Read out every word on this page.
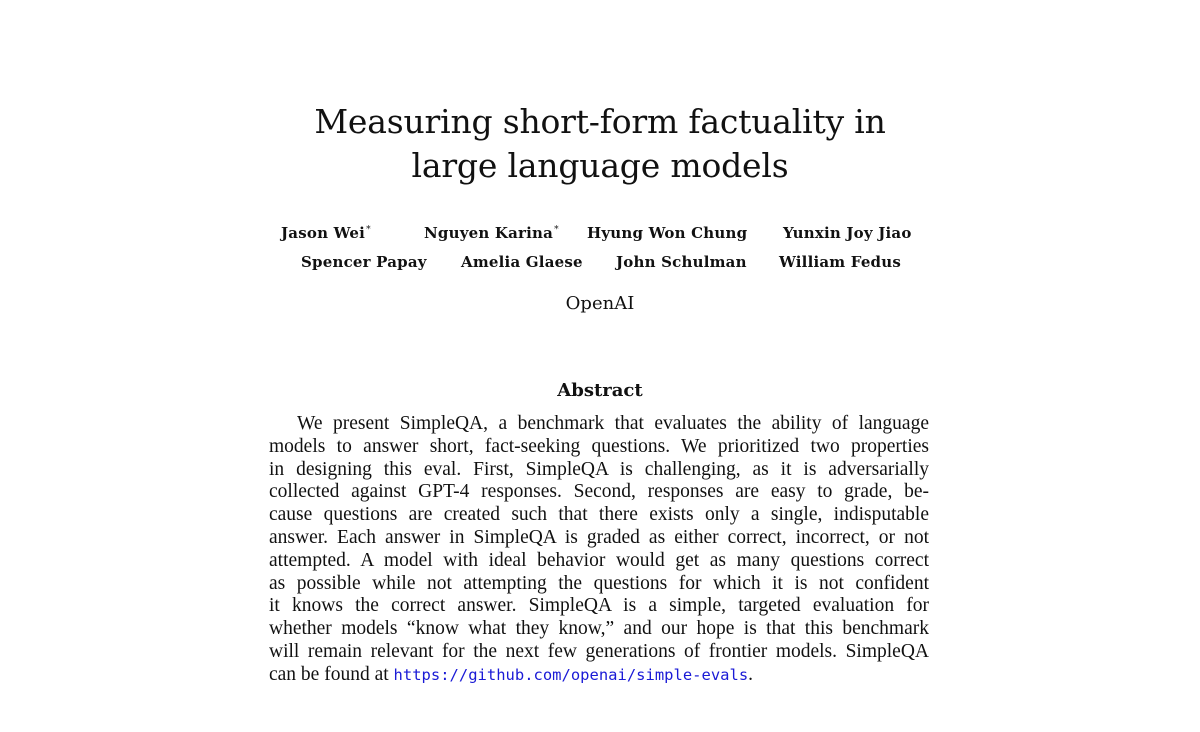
Measuring short-form factuality in
large language models
Jason Wei*	Nguyen Karina* Hyung Won Chung Yunxin Joy Jiao
Spencer Papay Amelia Glaese John Schulman William Fedus

OpenAI

Abstract
We present SimpleQA, a benchmark that evaluates the ability of language
models to answer short, fact-seeking questions. We prioritized two properties
in designing this eval. First, SimpleQA is challenging, as it is adversarially
collected against GPT-4 responses. Second, responses are easy to grade, be-
cause questions are created such that there exists only a single, indisputable
answer. Each answer in SimpleQA is graded as either correct, incorrect, or not
attempted. A model with ideal behavior would get as many questions correct
as possible while not attempting the questions for which it is not confident
it knows the correct answer. SimpleQA is a simple, targeted evaluation for
whether models “know what they know,” and our hope is that this benchmark
will remain relevant for the next few generations of frontier models. SimpleQA
can be found at https://github.com/openai/simple-evals.
